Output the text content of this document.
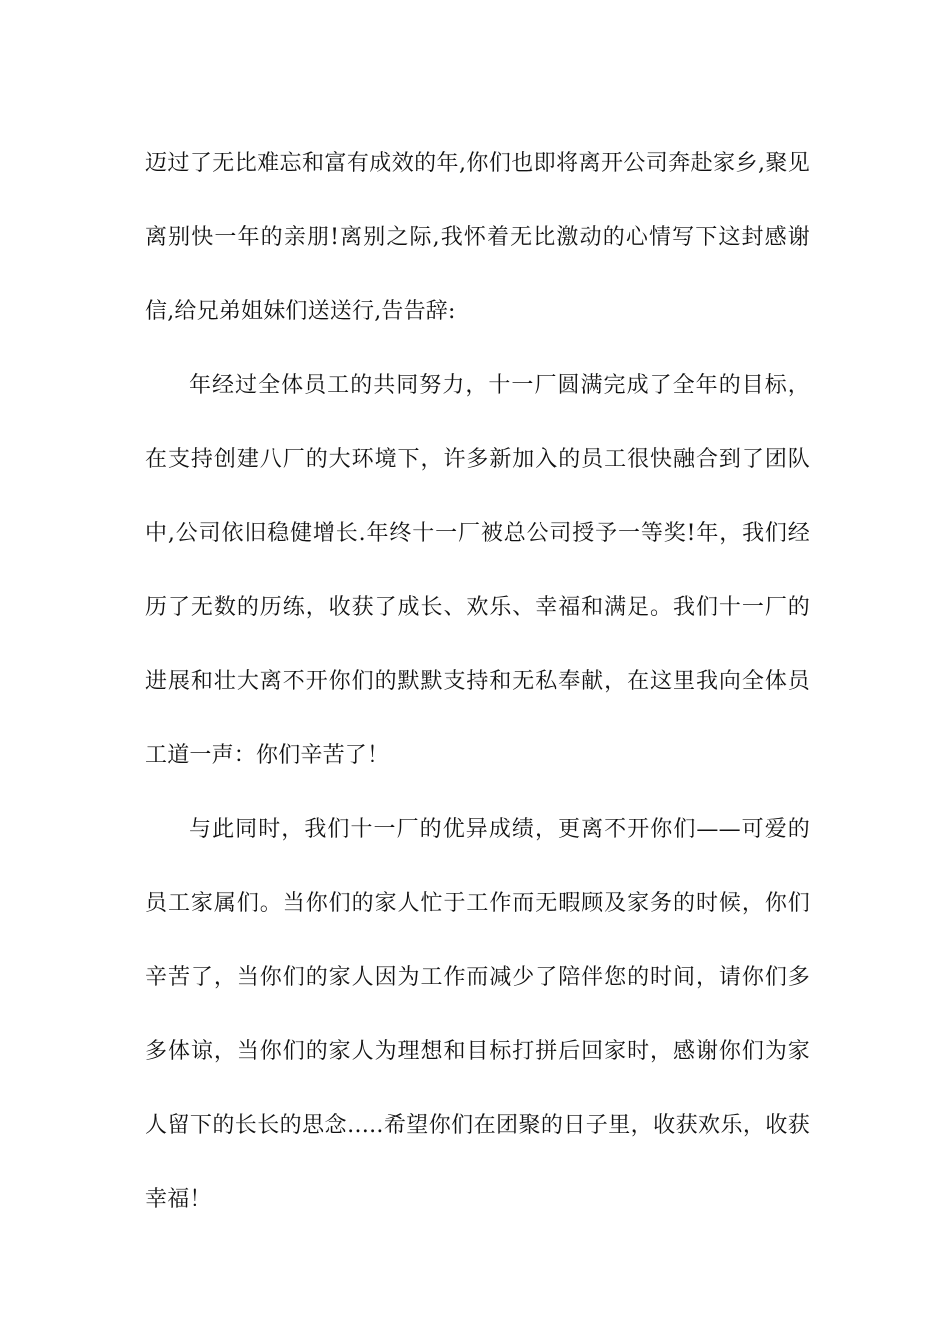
迈过了无比难忘和富有成效的年,你们也即将离开公司奔赴家乡,聚见离别快一年的亲朋!离别之际,我怀着无比激动的心情写下这封感谢信,给兄弟姐妹们送送行,告告辞:

年经过全体员工的共同努力，十一厂圆满完成了全年的目标，在支持创建八厂的大环境下，许多新加入的员工很快融合到了团队中,公司依旧稳健增长.年终十一厂被总公司授予一等奖!年，我们经历了无数的历练，收获了成长、欢乐、幸福和满足。我们十一厂的进展和壮大离不开你们的默默支持和无私奉献，在这里我向全体员工道一声：你们辛苦了！

与此同时，我们十一厂的优异成绩，更离不开你们——可爱的员工家属们。当你们的家人忙于工作而无暇顾及家务的时候，你们辛苦了，当你们的家人因为工作而减少了陪伴您的时间，请你们多多体谅，当你们的家人为理想和目标打拼后回家时，感谢你们为家人留下的长长的思念…..希望你们在团聚的日子里，收获欢乐，收获幸福！
